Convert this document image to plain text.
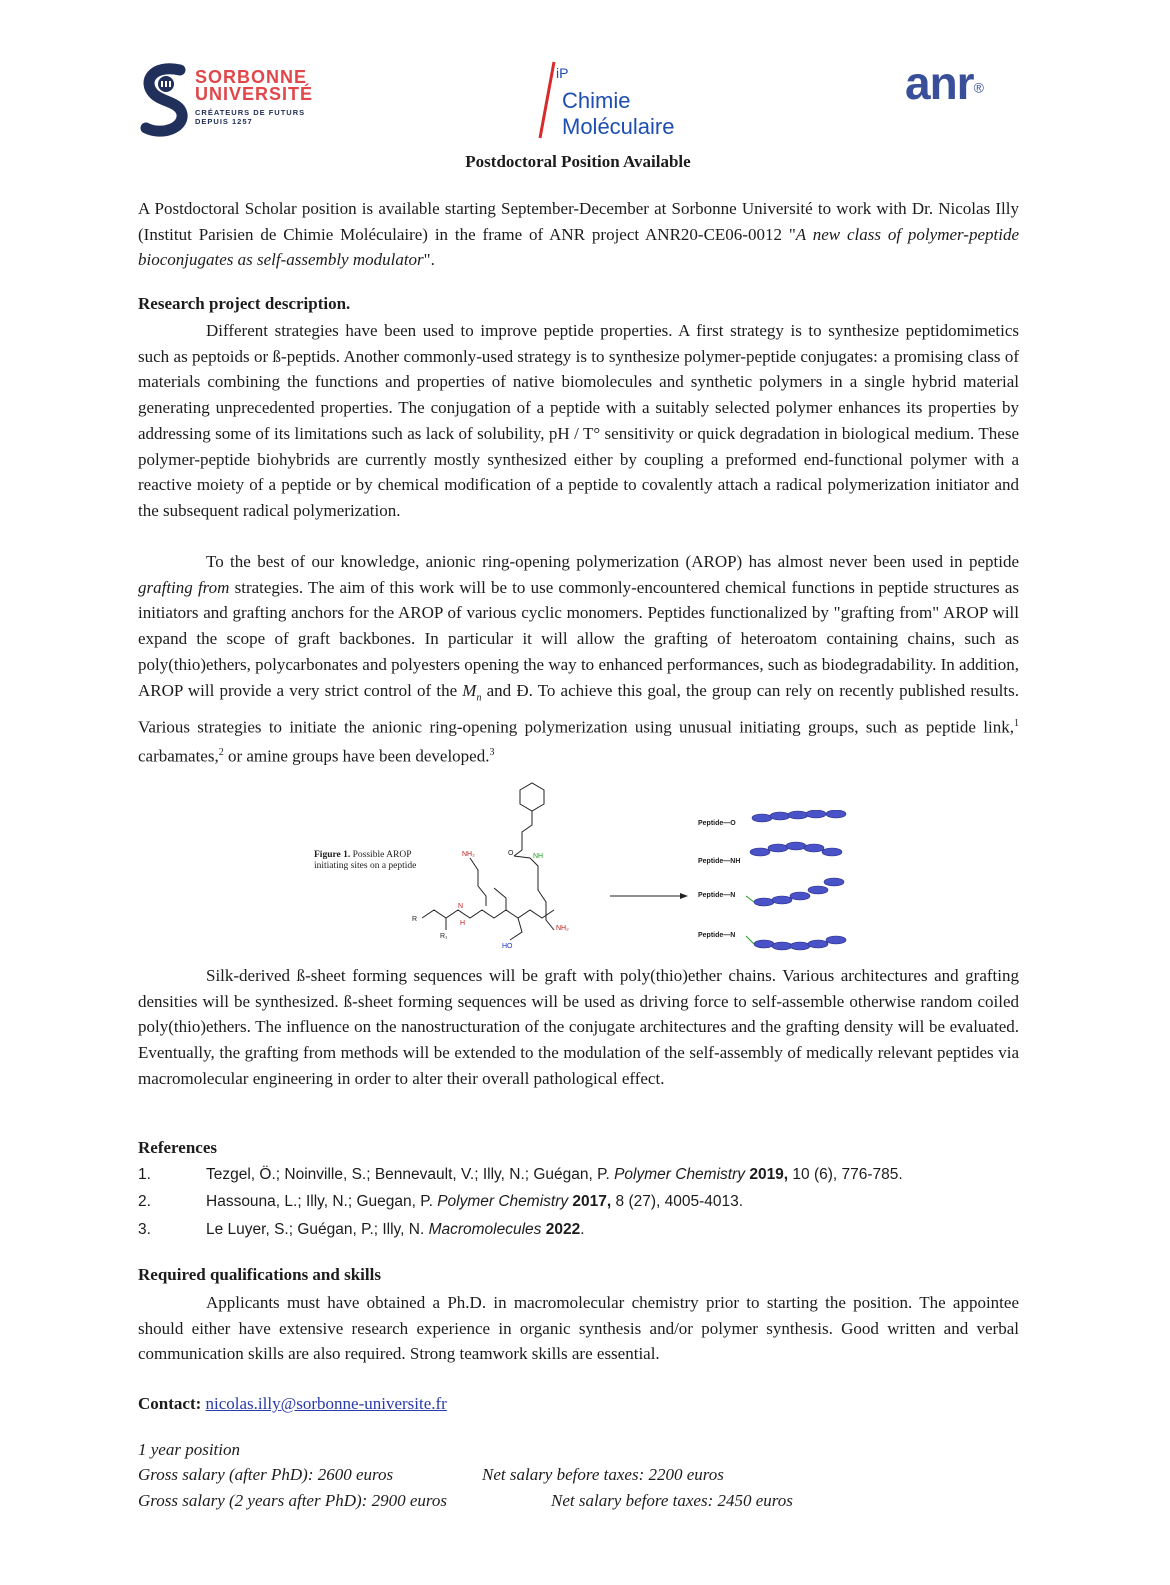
SORBONNE
UNIVERSITÉ
CRÉATEURS DE FUTURS
DEPUIS 1257
iP
Chimie
Moléculaire
anr®
Postdoctoral Position Available
A Postdoctoral Scholar position is available starting September-December at Sorbonne Université to work with Dr. Nicolas Illy (Institut Parisien de Chimie Moléculaire) in the frame of ANR project ANR20-CE06-0012 "A new class of polymer-peptide bioconjugates as self-assembly modulator".
Research project description.
Different strategies have been used to improve peptide properties. A first strategy is to synthesize peptidomimetics such as peptoids or ß-peptids. Another commonly-used strategy is to synthesize polymer-peptide conjugates: a promising class of materials combining the functions and properties of native biomolecules and synthetic polymers in a single hybrid material generating unprecedented properties. The conjugation of a peptide with a suitably selected polymer enhances its properties by addressing some of its limitations such as lack of solubility, pH / T° sensitivity or quick degradation in biological medium. These polymer-peptide biohybrids are currently mostly synthesized either by coupling a preformed end-functional polymer with a reactive moiety of a peptide or by chemical modification of a peptide to covalently attach a radical polymerization initiator and the subsequent radical polymerization.
To the best of our knowledge, anionic ring-opening polymerization (AROP) has almost never been used in peptide grafting from strategies. The aim of this work will be to use commonly-encountered chemical functions in peptide structures as initiators and grafting anchors for the AROP of various cyclic monomers. Peptides functionalized by "grafting from" AROP will expand the scope of graft backbones. In particular it will allow the grafting of heteroatom containing chains, such as poly(thio)ethers, polycarbonates and polyesters opening the way to enhanced performances, such as biodegradability. In addition, AROP will provide a very strict control of the $M_n$ and Đ. To achieve this goal, the group can rely on recently published results. Various strategies to initiate the anionic ring-opening polymerization using unusual initiating groups, such as peptide link,$^1$ carbamates,$^2$ or amine groups have been developed.$^3$
Figure 1. Possible AROP initiating sites on a peptide
NH₂	NH
O
R
R₁
N
H
HO
NH₂
Peptide—O
Peptide—NH
Peptide—N
Peptide—N
Silk-derived ß-sheet forming sequences will be graft with poly(thio)ether chains. Various architectures and grafting densities will be synthesized. ß-sheet forming sequences will be used as driving force to self-assemble otherwise random coiled poly(thio)ethers. The influence on the nanostructuration of the conjugate architectures and the grafting density will be evaluated. Eventually, the grafting from methods will be extended to the modulation of the self-assembly of medically relevant peptides via macromolecular engineering in order to alter their overall pathological effect.
References
1.	Tezgel, Ö.; Noinville, S.; Bennevault, V.; Illy, N.; Guégan, P. Polymer Chemistry 2019, 10 (6), 776-785.
2.	Hassouna, L.; Illy, N.; Guegan, P. Polymer Chemistry 2017, 8 (27), 4005-4013.
3.	Le Luyer, S.; Guégan, P.; Illy, N. Macromolecules 2022.
Required qualifications and skills
Applicants must have obtained a Ph.D. in macromolecular chemistry prior to starting the position. The appointee should either have extensive research experience in organic synthesis and/or polymer synthesis. Good written and verbal communication skills are also required. Strong teamwork skills are essential.
Contact: nicolas.illy@sorbonne-universite.fr
1 year position
Gross salary (after PhD): 2600 euros	Net salary before taxes: 2200 euros
Gross salary (2 years after PhD): 2900 euros	Net salary before taxes: 2450 euros
